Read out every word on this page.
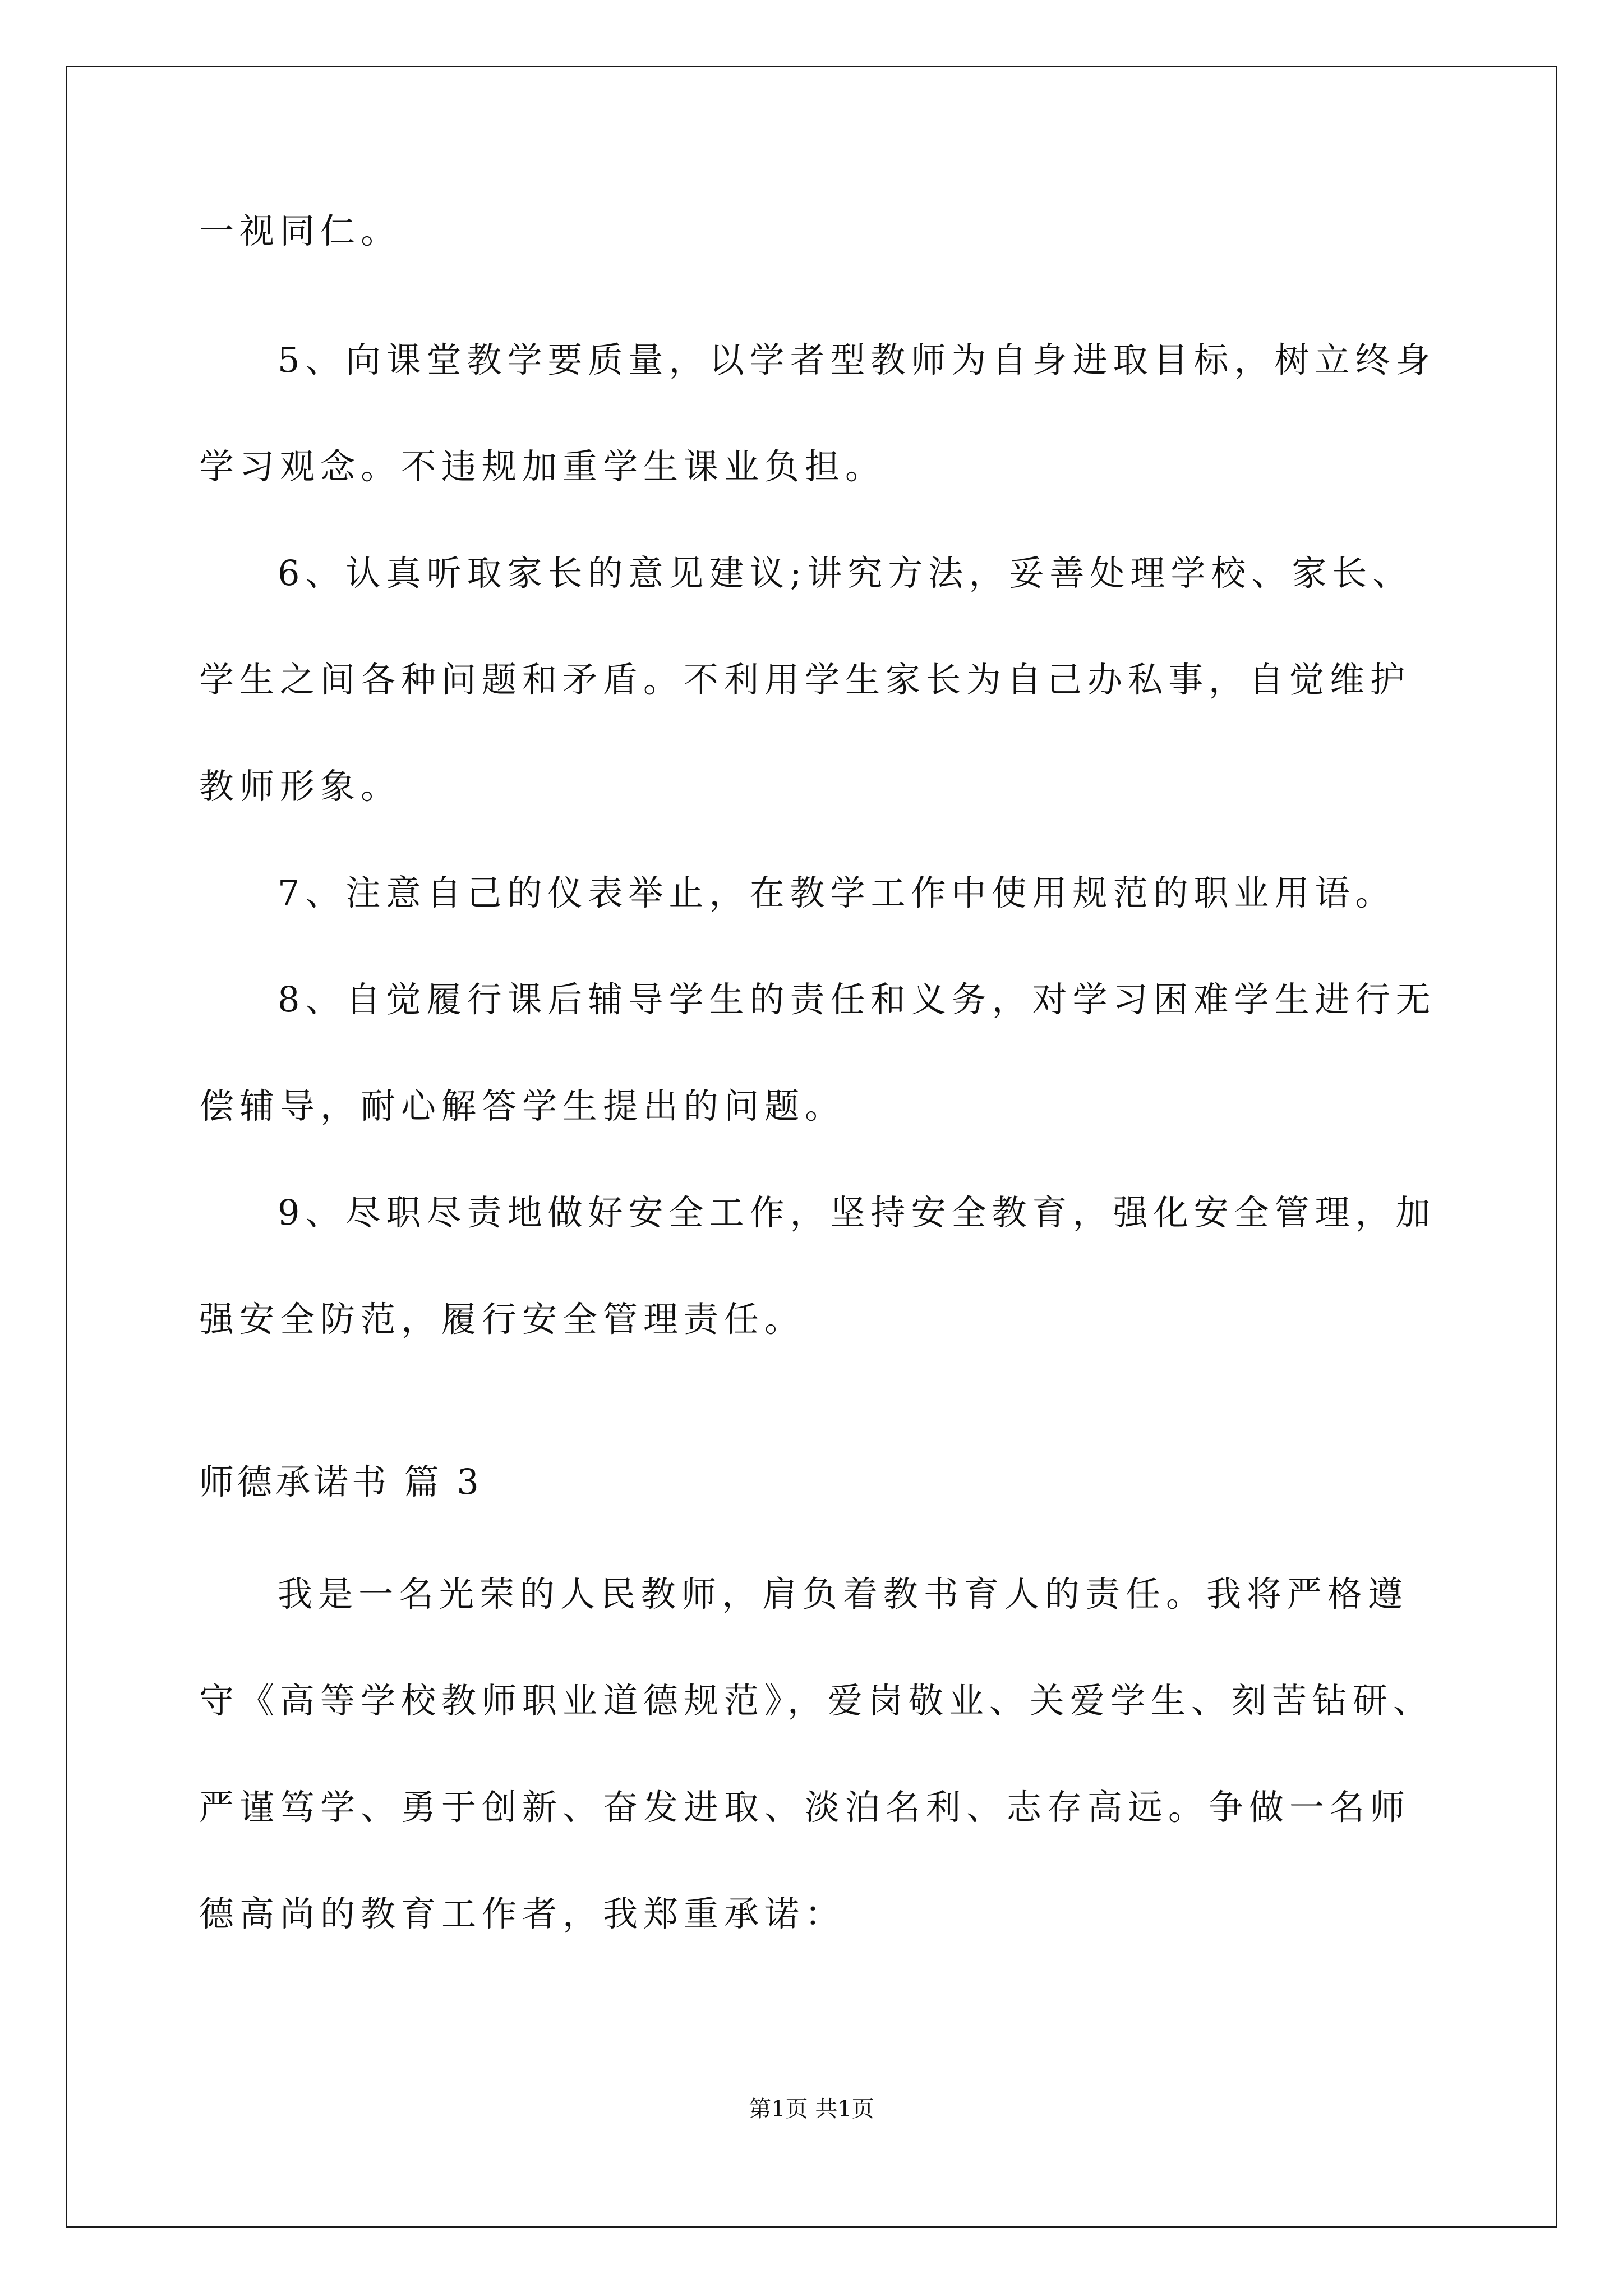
一视同仁。
5、向课堂教学要质量，以学者型教师为自身进取目标，树立终身
学习观念。不违规加重学生课业负担。
6、认真听取家长的意见建议;讲究方法，妥善处理学校、家长、
学生之间各种问题和矛盾。不利用学生家长为自己办私事，自觉维护
教师形象。
7、注意自己的仪表举止，在教学工作中使用规范的职业用语。
8、自觉履行课后辅导学生的责任和义务，对学习困难学生进行无
偿辅导，耐心解答学生提出的问题。
9、尽职尽责地做好安全工作，坚持安全教育，强化安全管理，加
强安全防范，履行安全管理责任。
师德承诺书 篇 3
我是一名光荣的人民教师，肩负着教书育人的责任。我将严格遵
守《高等学校教师职业道德规范》，爱岗敬业、关爱学生、刻苦钻研、
严谨笃学、勇于创新、奋发进取、淡泊名利、志存高远。争做一名师
德高尚的教育工作者，我郑重承诺：
第1页 共1页
